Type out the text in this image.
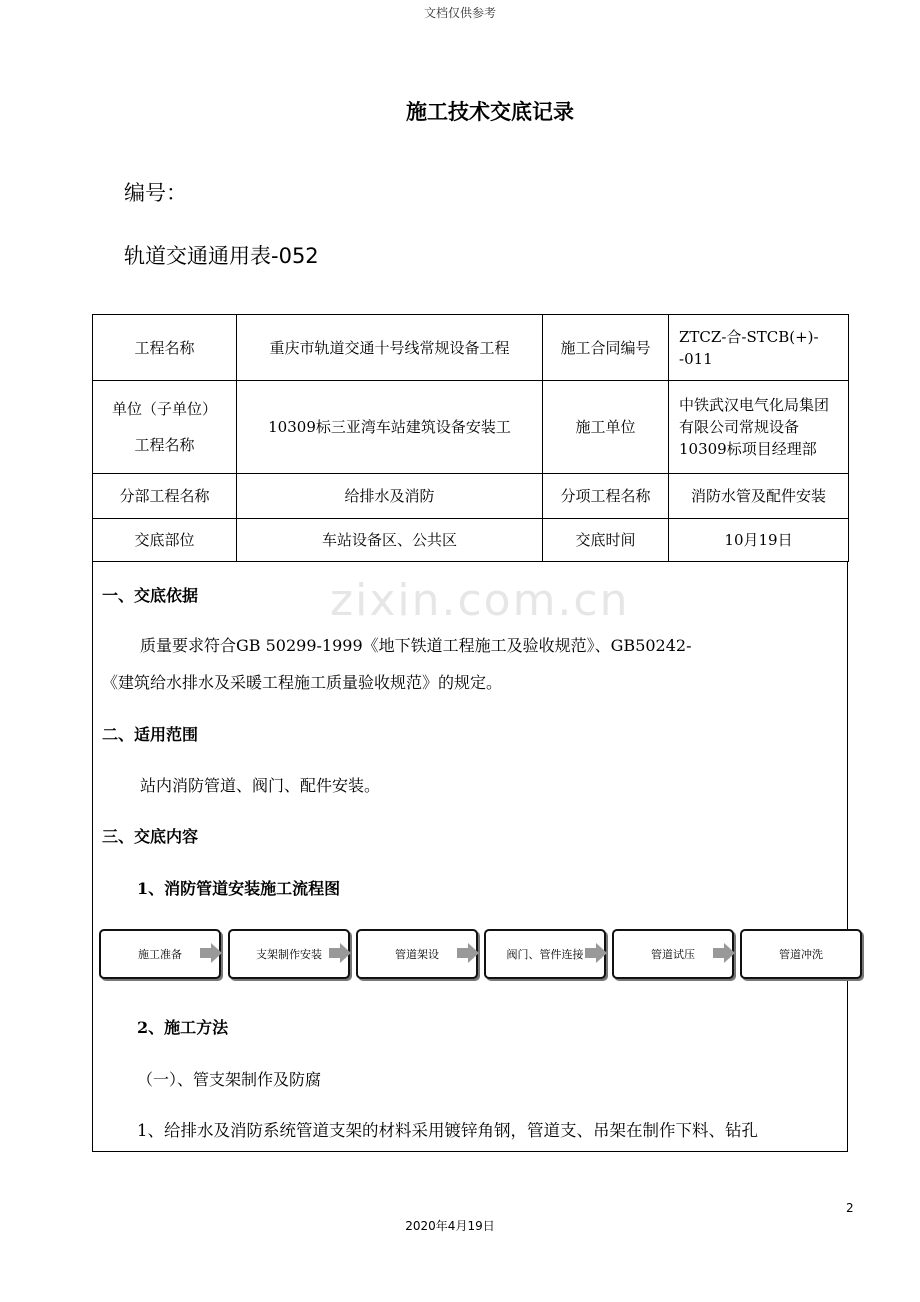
文档仅供参考
施工技术交底记录
编号：
轨道交通通用表-052
工程名称	重庆市轨道交通十号线常规设备工程	施工合同编号	ZTCZ-合-STCB(+)- -011

单位（子单位）
工程名称	10309标三亚湾车站建筑设备安装工	施工单位	中铁武汉电气化局集团有限公司常规设备10309标项目经理部
分部工程名称	给排水及消防	分项工程名称	消防水管及配件安装
交底部位	车站设备区、公共区	交底时间	10月19日
zixin.com.cn
一、交底依据
质量要求符合GB 50299-1999《地下铁道工程施工及验收规范》、GB50242-
《建筑给水排水及采暖工程施工质量验收规范》的规定。
二、适用范围
站内消防管道、阀门、配件安装。
三、交底内容
1、消防管道安装施工流程图
施工准备	支架制作安装	管道架设	阀门、管件连接	管道试压	管道冲洗
2、施工方法
（一）、管支架制作及防腐
1、给排水及消防系统管道支架的材料采用镀锌角钢，管道支、吊架在制作下料、钻孔
2
2020年4月19日
